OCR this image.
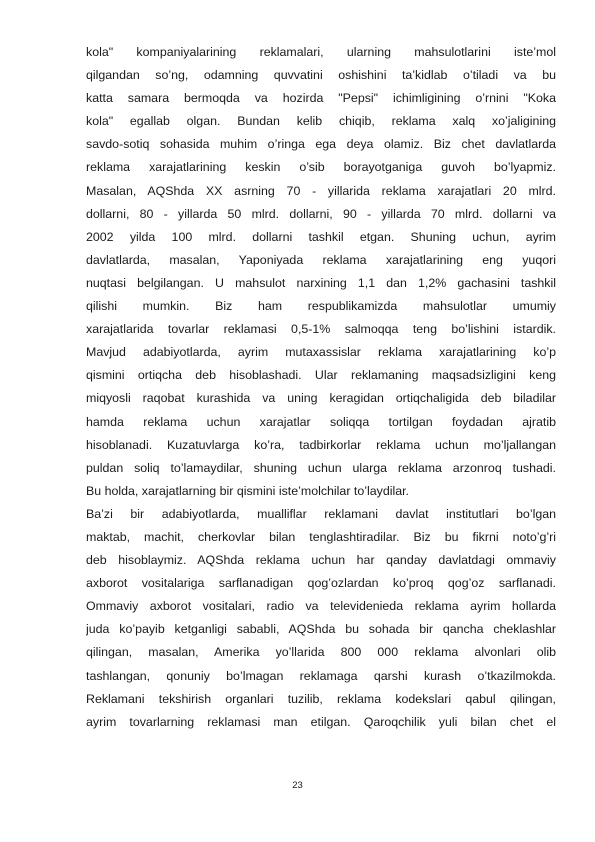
kola" kompaniyalarining reklamalari, ularning mahsulotlarini iste’mol
qilgandan so’ng, odamning quvvatini oshishini ta’kidlab o’tiladi va bu
katta samara bermoqda va hozirda "Pepsi" ichimligining o’rnini "Koka
kola" egallab olgan. Bundan kelib chiqib, reklama xalq xo’jaligining
savdo-sotiq sohasida muhim o’ringa ega deya olamiz. Biz chet davlatlarda
reklama xarajatlarining keskin o’sib borayotganiga guvoh bo’lyapmiz.
Masalan, AQShda XX asrning 70 - yillarida reklama xarajatlari 20 mlrd.
dollarni, 80 - yillarda 50 mlrd. dollarni, 90 - yillarda 70 mlrd. dollarni va
2002 yilda 100 mlrd. dollarni tashkil etgan. Shuning uchun, ayrim
davlatlarda, masalan, Yaponiyada reklama xarajatlarining eng yuqori
nuqtasi belgilangan. U mahsulot narxining 1,1 dan 1,2% gachasini tashkil
qilishi mumkin. Biz ham respublikamizda mahsulotlar umumiy
xarajatlarida tovarlar reklamasi 0,5-1% salmoqqa teng bo’lishini istardik.
Mavjud adabiyotlarda, ayrim mutaxassislar reklama xarajatlarining ko’p
qismini ortiqcha deb hisoblashadi. Ular reklamaning maqsadsizligini keng
miqyosli raqobat kurashida va uning keragidan ortiqchaligida deb biladilar
hamda reklama uchun xarajatlar soliqqa tortilgan foydadan ajratib
hisoblanadi. Kuzatuvlarga ko’ra, tadbirkorlar reklama uchun mo’ljallangan
puldan soliq to’lamaydilar, shuning uchun ularga reklama arzonroq tushadi.
Bu holda, xarajatlarning bir qismini iste’molchilar to’laydilar.
Ba’zi bir adabiyotlarda, mualliflar reklamani davlat institutlari bo’lgan
maktab, machit, cherkovlar bilan tenglashtiradilar. Biz bu fikrni noto’g’ri
deb hisoblaymiz. AQShda reklama uchun har qanday davlatdagi ommaviy
axborot vositalariga sarflanadigan qog’ozlardan ko’proq qog’oz sarflanadi.
Ommaviy axborot vositalari, radio va televidenieda reklama ayrim hollarda
juda ko’payib ketganligi sababli, AQShda bu sohada bir qancha cheklashlar
qilingan, masalan, Amerika yo’llarida 800 000 reklama alvonlari olib
tashlangan, qonuniy bo’lmagan reklamaga qarshi kurash o’tkazilmokda.
Reklamani tekshirish organlari tuzilib, reklama kodekslari qabul qilingan,
ayrim tovarlarning reklamasi man etilgan. Qaroqchilik yuli bilan chet el
23
